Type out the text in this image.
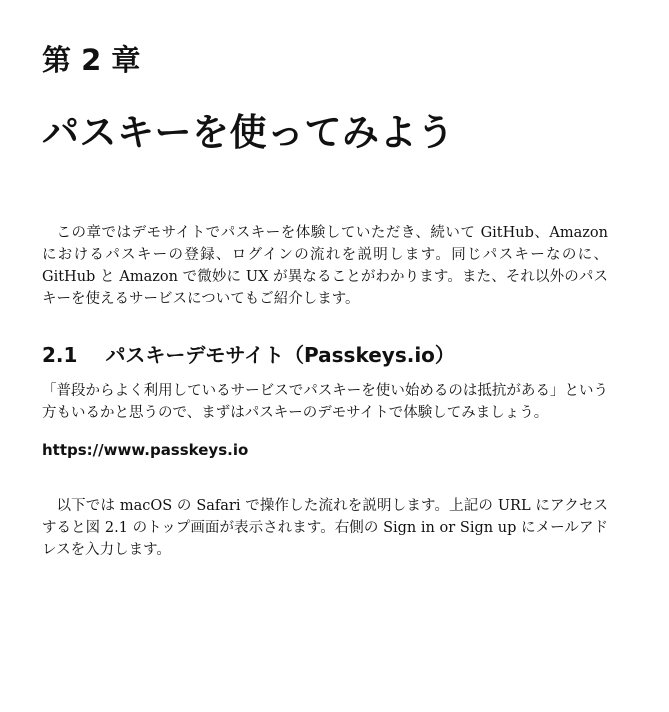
第 2 章
パスキーを使ってみよう

この章ではデモサイトでパスキーを体験していただき、続いて GitHub、Amazon におけるパスキーの登録、ログインの流れを説明します。同じパスキーなのに、GitHub と Amazon で微妙に UX が異なることがわかります。また、それ以外のパスキーを使えるサービスについてもご紹介します。

2.1 パスキーデモサイト（Passkeys.io）

「普段からよく利用しているサービスでパスキーを使い始めるのは抵抗がある」という方もいるかと思うので、まずはパスキーのデモサイトで体験してみましょう。

https://www.passkeys.io

以下では macOS の Safari で操作した流れを説明します。上記の URL にアクセスすると図 2.1 のトップ画面が表示されます。右側の Sign in or Sign up にメールアドレスを入力します。
